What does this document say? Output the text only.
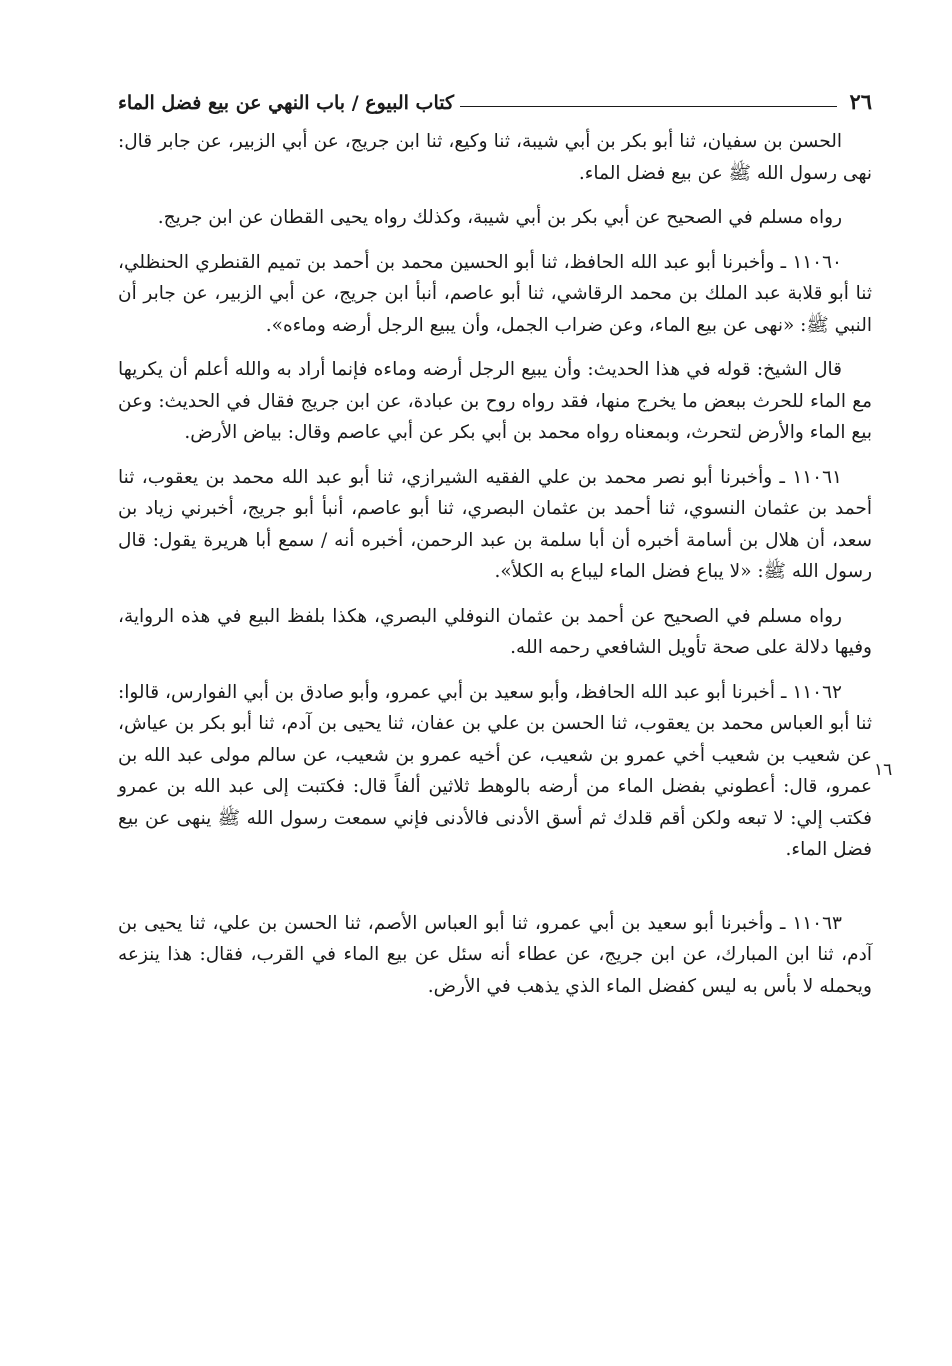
٢٦
كتاب البيوع / باب النهي عن بيع فضل الماء

الحسن بن سفيان، ثنا أبو بكر بن أبي شيبة، ثنا وكيع، ثنا ابن جريج، عن أبي الزبير، عن جابر قال: نهى رسول الله ﷺ عن بيع فضل الماء.

رواه مسلم في الصحيح عن أبي بكر بن أبي شيبة، وكذلك رواه يحيى القطان عن ابن جريج.

١١٠٦٠ ـ وأخبرنا أبو عبد الله الحافظ، ثنا أبو الحسين محمد بن أحمد بن تميم القنطري الحنظلي، ثنا أبو قلابة عبد الملك بن محمد الرقاشي، ثنا أبو عاصم، أنبأ ابن جريج، عن أبي الزبير، عن جابر أن النبي ﷺ: «نهى عن بيع الماء، وعن ضراب الجمل، وأن يبيع الرجل أرضه وماءه».

قال الشيخ: قوله في هذا الحديث: وأن يبيع الرجل أرضه وماءه فإنما أراد به والله أعلم أن يكريها مع الماء للحرث ببعض ما يخرج منها، فقد رواه روح بن عبادة، عن ابن جريج فقال في الحديث: وعن بيع الماء والأرض لتحرث، وبمعناه رواه محمد بن أبي بكر عن أبي عاصم وقال: بياض الأرض.

١١٠٦١ ـ وأخبرنا أبو نصر محمد بن علي الفقيه الشيرازي، ثنا أبو عبد الله محمد بن يعقوب، ثنا أحمد بن عثمان النسوي، ثنا أحمد بن عثمان البصري، ثنا أبو عاصم، أنبأ أبو جريج، أخبرني زياد بن سعد، أن هلال بن أسامة أخبره أن أبا سلمة بن عبد الرحمن، أخبره أنه / سمع أبا هريرة يقول: قال رسول الله ﷺ: «لا يباع فضل الماء ليباع به الكلأ».

رواه مسلم في الصحيح عن أحمد بن عثمان النوفلي البصري، هكذا بلفظ البيع في هذه الرواية، وفيها دلالة على صحة تأويل الشافعي رحمه الله.

١١٠٦٢ ـ أخبرنا أبو عبد الله الحافظ، وأبو سعيد بن أبي عمرو، وأبو صادق بن أبي الفوارس، قالوا: ثنا أبو العباس محمد بن يعقوب، ثنا الحسن بن علي بن عفان، ثنا يحيى بن آدم، ثنا أبو بكر بن عياش، عن شعيب بن شعيب أخي عمرو بن شعيب، عن أخيه عمرو بن شعيب، عن سالم مولى عبد الله بن عمرو، قال: أعطوني بفضل الماء من أرضه بالوهط ثلاثين ألفاً قال: فكتبت إلى عبد الله بن عمرو فكتب إلي: لا تبعه ولكن أقم قلدك ثم أسق الأدنى فالأدنى فإني سمعت رسول الله ﷺ ينهى عن بيع فضل الماء.

١١٠٦٣ ـ وأخبرنا أبو سعيد بن أبي عمرو، ثنا أبو العباس الأصم، ثنا الحسن بن علي، ثنا يحيى بن آدم، ثنا ابن المبارك، عن ابن جريج، عن عطاء أنه سئل عن بيع الماء في القرب، فقال: هذا ينزعه ويحمله لا بأس به ليس كفضل الماء الذي يذهب في الأرض.

١٦
